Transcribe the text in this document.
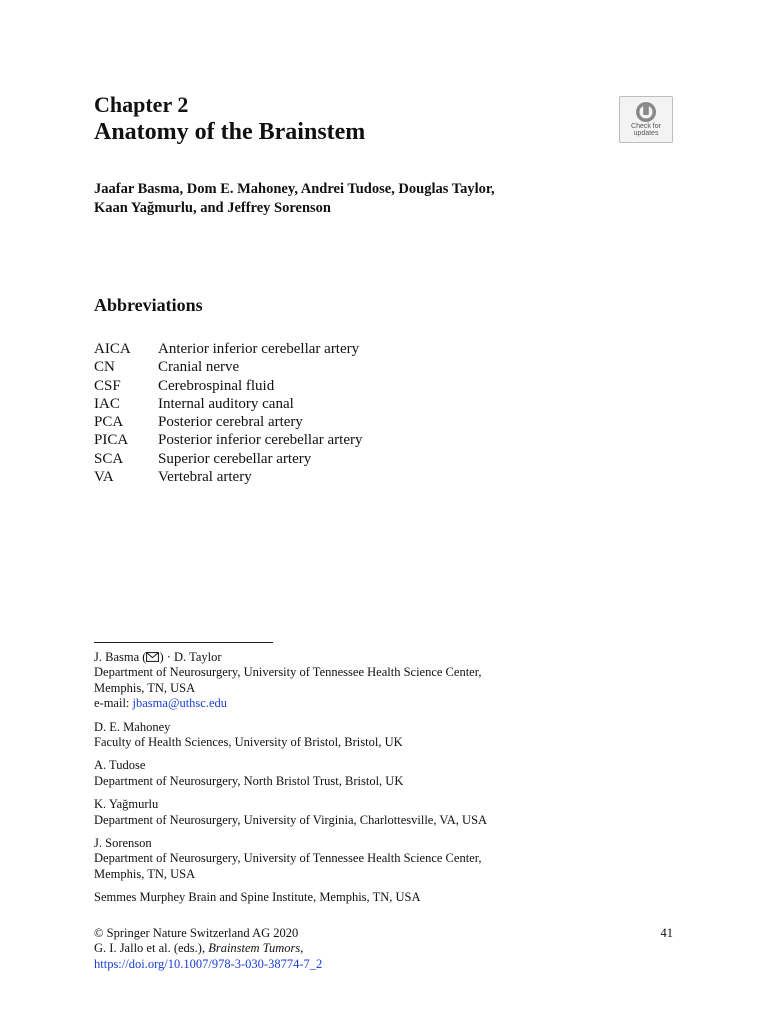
Chapter 2
Anatomy of the Brainstem	Check for
updates

Jaafar Basma, Dom E. Mahoney, Andrei Tudose, Douglas Taylor,
Kaan Yağmurlu, and Jeffrey Sorenson

Abbreviations
AICA	Anterior inferior cerebellar artery
CN	Cranial nerve
CSF	Cerebrospinal fluid
IAC	Internal auditory canal
PCA	Posterior cerebral artery
PICA	Posterior inferior cerebellar artery
SCA	Superior cerebellar artery
VA	Vertebral artery
J. Basma ( ) · D. Taylor
Department of Neurosurgery, University of Tennessee Health Science Center,
Memphis, TN, USA
e-mail: jbasma@uthsc.edu
D. E. Mahoney
Faculty of Health Sciences, University of Bristol, Bristol, UK
A. Tudose
Department of Neurosurgery, North Bristol Trust, Bristol, UK
K. Yağmurlu
Department of Neurosurgery, University of Virginia, Charlottesville, VA, USA
J. Sorenson
Department of Neurosurgery, University of Tennessee Health Science Center,
Memphis, TN, USA
Semmes Murphey Brain and Spine Institute, Memphis, TN, USA
© Springer Nature Switzerland AG 2020
G. I. Jallo et al. (eds.), Brainstem Tumors,
https://doi.org/10.1007/978-3-030-38774-7_2
41
